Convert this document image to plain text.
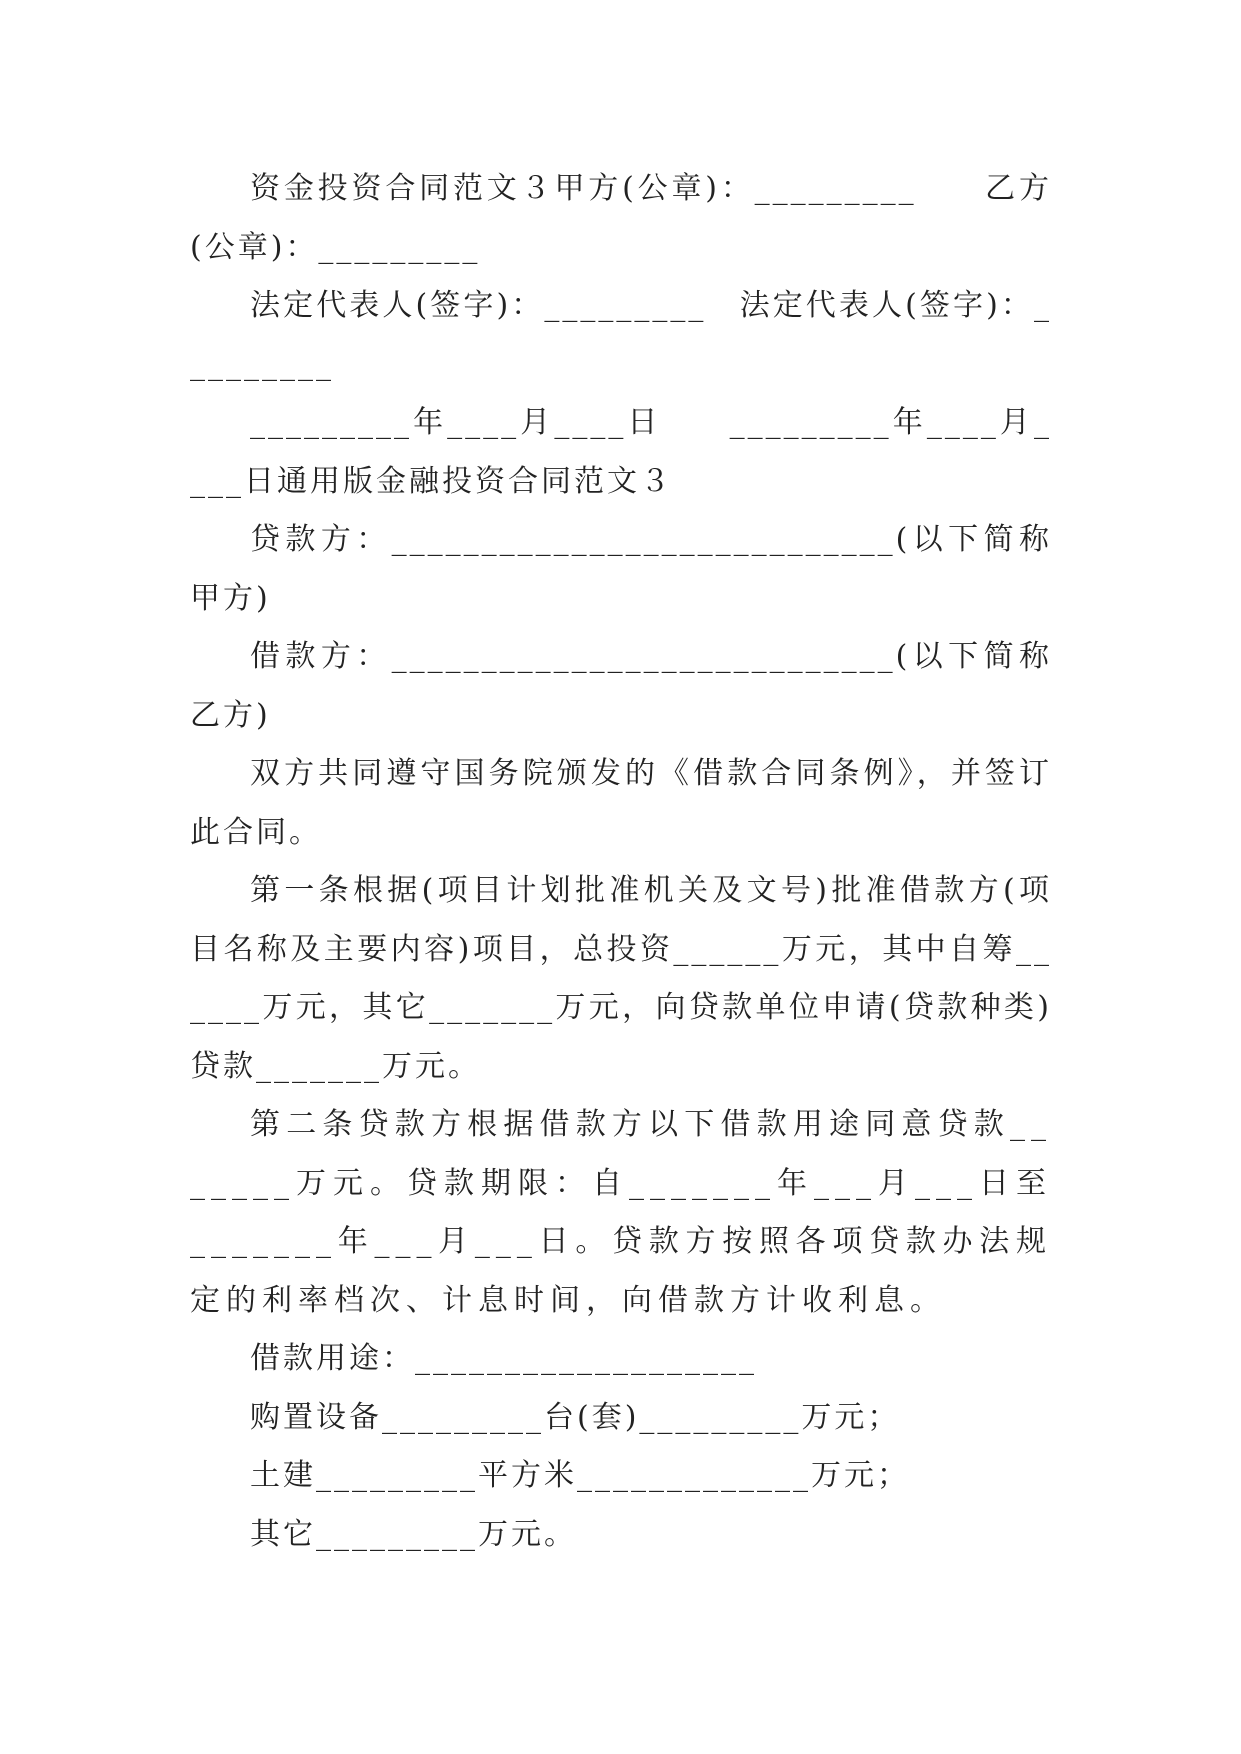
资金投资合同范文３甲方(公章)：_________　　乙方(公章)：_________

法定代表人(签字)：_________　法定代表人(签字)：_________

_________年____月____日　　_________年____月____日通用版金融投资合同范文３

贷款方：____________________________(以下简称甲方)

借款方：____________________________(以下简称乙方)

双方共同遵守国务院颁发的《借款合同条例》，并签订此合同。

第一条根据(项目计划批准机关及文号)批准借款方(项目名称及主要内容)项目，总投资______万元，其中自筹______万元，其它_______万元，向贷款单位申请(贷款种类)贷款_______万元。

第二条贷款方根据借款方以下借款用途同意贷款_______万元。贷款期限：自_______年___月___日至_______年___月___日。贷款方按照各项贷款办法规定的利率档次、计息时间，向借款方计收利息。

借款用途：___________________

购置设备_________台(套)_________万元；

土建_________平方米_____________万元；

其它_________万元。
